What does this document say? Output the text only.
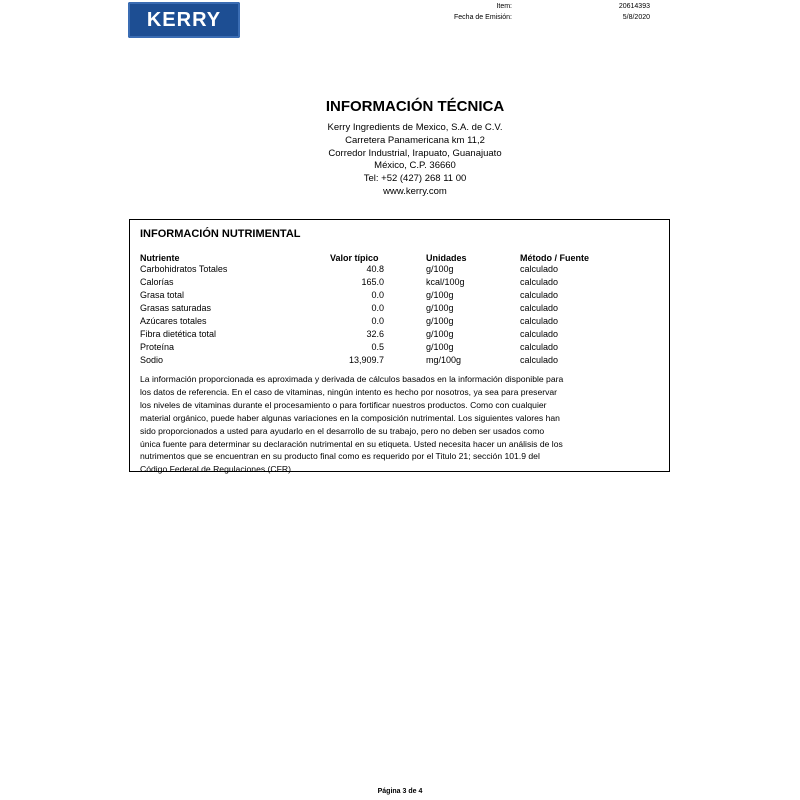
KERRY
Item:	20614393
Fecha de Emisión:	5/8/2020
INFORMACIÓN TÉCNICA
Kerry Ingredients de Mexico, S.A. de C.V.
Carretera Panamericana km 11,2
Corredor Industrial, Irapuato, Guanajuato
México, C.P. 36660
Tel: +52 (427) 268 11 00
www.kerry.com
INFORMACIÓN NUTRIMENTAL
Nutriente	Valor típico	Unidades	Método / Fuente
Carbohidratos Totales	40.8	g/100g	calculado
Calorías	165.0	kcal/100g	calculado
Grasa total	0.0	g/100g	calculado
Grasas saturadas	0.0	g/100g	calculado
Azúcares totales	0.0	g/100g	calculado
Fibra dietética total	32.6	g/100g	calculado
Proteína	0.5	g/100g	calculado
Sodio	13,909.7	mg/100g	calculado
La información proporcionada es aproximada y derivada de cálculos basados en la información disponible para
los datos de referencia. En el caso de vitaminas, ningún intento es hecho por nosotros, ya sea para preservar
los niveles de vitaminas durante el procesamiento o para fortificar nuestros productos. Como con cualquier
material orgánico, puede haber algunas variaciones en la composición nutrimental. Los siguientes valores han
sido proporcionados a usted para ayudarlo en el desarrollo de su trabajo, pero no deben ser usados como
única fuente para determinar su declaración nutrimental en su etiqueta. Usted necesita hacer un análisis de los
nutrimentos que se encuentran en su producto final como es requerido por el Titulo 21; sección 101.9 del
Código Federal de Regulaciones (CFR)
Página 3 de 4
